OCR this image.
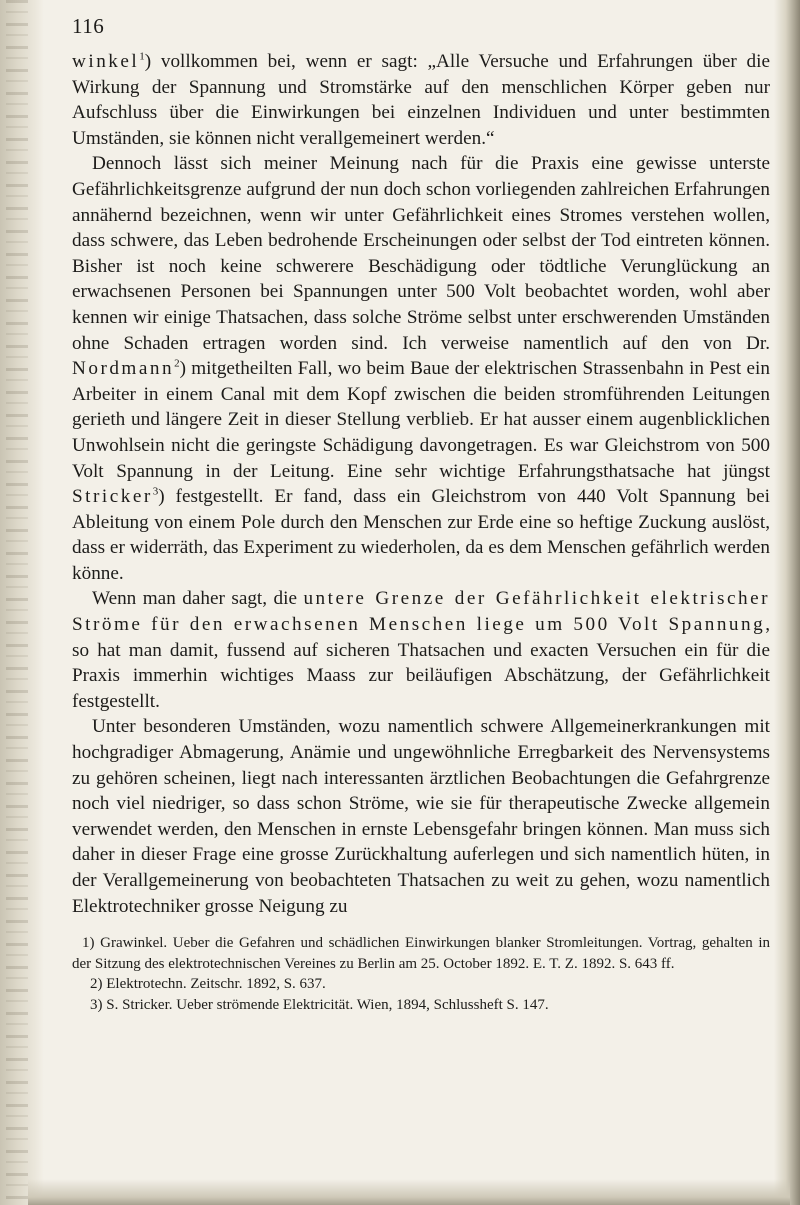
116

winkel$^1$) vollkommen bei, wenn er sagt: „Alle Versuche und Erfahrungen über die Wirkung der Spannung und Stromstärke auf den menschlichen Körper geben nur Aufschluss über die Einwirkungen bei einzelnen Individuen und unter bestimmten Umständen, sie können nicht verallgemeinert werden.“

Dennoch lässt sich meiner Meinung nach für die Praxis eine gewisse unterste Gefährlichkeitsgrenze aufgrund der nun doch schon vorliegenden zahlreichen Erfahrungen annähernd bezeichnen, wenn wir unter Gefährlichkeit eines Stromes verstehen wollen, dass schwere, das Leben bedrohende Erscheinungen oder selbst der Tod eintreten können. Bisher ist noch keine schwerere Beschädigung oder tödtliche Verunglückung an erwachsenen Personen bei Spannungen unter 500 Volt beobachtet worden, wohl aber kennen wir einige Thatsachen, dass solche Ströme selbst unter erschwerenden Umständen ohne Schaden ertragen worden sind. Ich verweise namentlich auf den von Dr. Nordmann$^2$) mitgetheilten Fall, wo beim Baue der elektrischen Strassenbahn in Pest ein Arbeiter in einem Canal mit dem Kopf zwischen die beiden stromführenden Leitungen gerieth und längere Zeit in dieser Stellung verblieb. Er hat ausser einem augenblicklichen Unwohlsein nicht die geringste Schädigung davongetragen. Es war Gleichstrom von 500 Volt Spannung in der Leitung. Eine sehr wichtige Erfahrungsthatsache hat jüngst Stricker$^3$) festgestellt. Er fand, dass ein Gleichstrom von 440 Volt Spannung bei Ableitung von einem Pole durch den Menschen zur Erde eine so heftige Zuckung auslöst, dass er widerräth, das Experiment zu wiederholen, da es dem Menschen gefährlich werden könne.

Wenn man daher sagt, die untere Grenze der Gefährlichkeit elektrischer Ströme für den erwachsenen Menschen liege um 500 Volt Spannung, so hat man damit, fussend auf sicheren Thatsachen und exacten Versuchen ein für die Praxis immerhin wichtiges Maass zur beiläufigen Abschätzung, der Gefährlichkeit festgestellt.

Unter besonderen Umständen, wozu namentlich schwere Allgemeinerkrankungen mit hochgradiger Abmagerung, Anämie und ungewöhnliche Erregbarkeit des Nervensystems zu gehören scheinen, liegt nach interessanten ärztlichen Beobachtungen die Gefahrgrenze noch viel niedriger, so dass schon Ströme, wie sie für therapeutische Zwecke allgemein verwendet werden, den Menschen in ernste Lebensgefahr bringen können. Man muss sich daher in dieser Frage eine grosse Zurückhaltung auferlegen und sich namentlich hüten, in der Verallgemeinerung von beobachteten Thatsachen zu weit zu gehen, wozu namentlich Elektrotechniker grosse Neigung zu

1) Grawinkel. Ueber die Gefahren und schädlichen Einwirkungen blanker Stromleitungen. Vortrag, gehalten in der Sitzung des elektrotechnischen Vereines zu Berlin am 25. October 1892. E. T. Z. 1892. S. 643 ff.

2) Elektrotechn. Zeitschr. 1892, S. 637.

3) S. Stricker. Ueber strömende Elektricität. Wien, 1894, Schlussheft S. 147.
